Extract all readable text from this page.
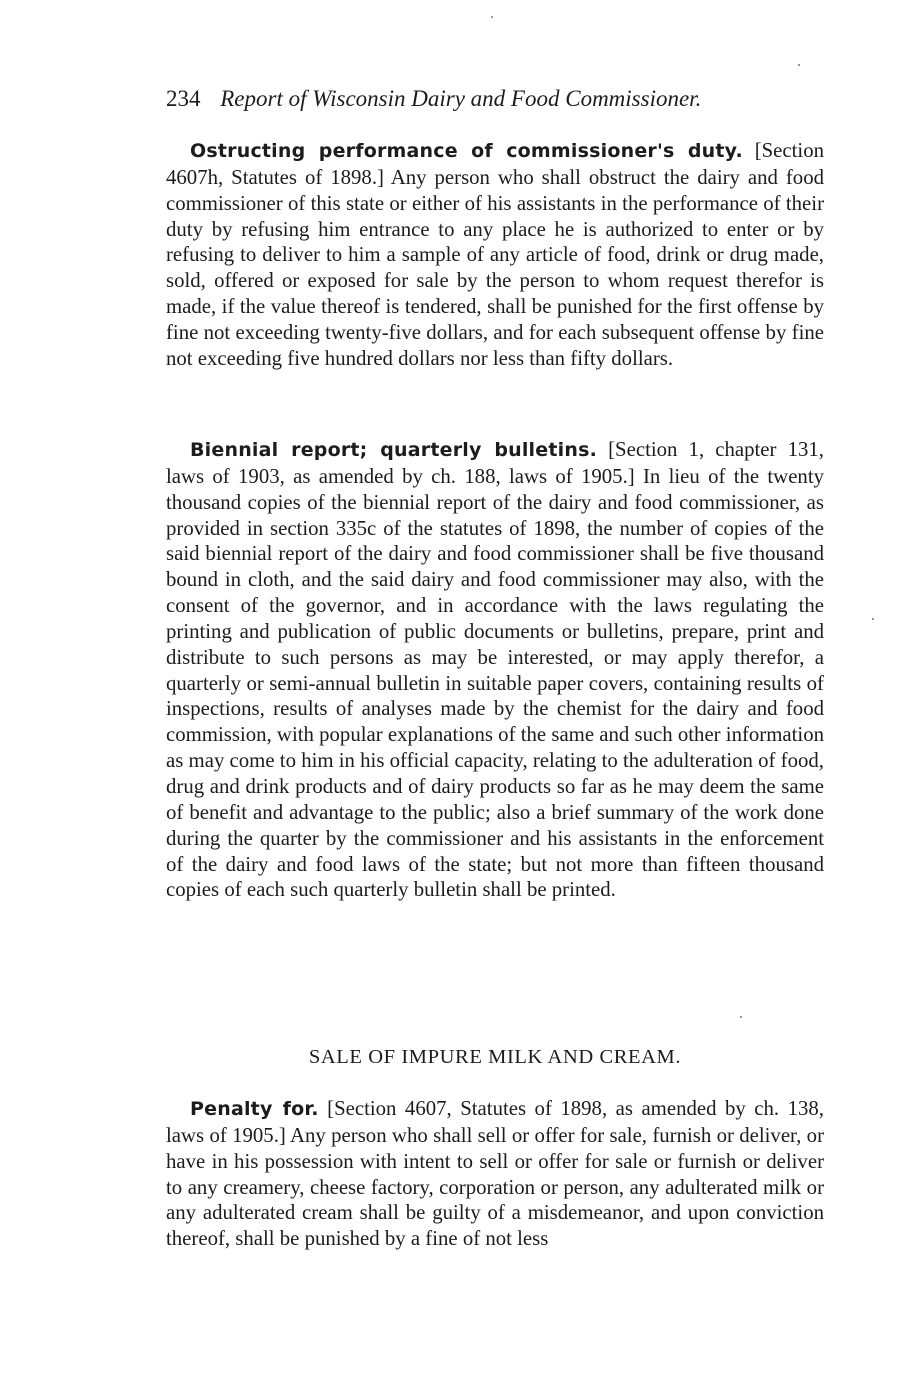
234 Report of Wisconsin Dairy and Food Commissioner.

Ostructing performance of commissioner's duty. [Section 4607h, Statutes of 1898.] Any person who shall obstruct the dairy and food commissioner of this state or either of his assistants in the performance of their duty by refusing him entrance to any place he is authorized to enter or by refusing to deliver to him a sample of any article of food, drink or drug made, sold, offered or exposed for sale by the person to whom request therefor is made, if the value thereof is tendered, shall be punished for the first offense by fine not exceeding twenty-five dollars, and for each subsequent offense by fine not exceeding five hundred dollars nor less than fifty dollars.

Biennial report; quarterly bulletins. [Section 1, chapter 131, laws of 1903, as amended by ch. 188, laws of 1905.] In lieu of the twenty thousand copies of the biennial report of the dairy and food commissioner, as provided in section 335c of the statutes of 1898, the number of copies of the said biennial report of the dairy and food commissioner shall be five thousand bound in cloth, and the said dairy and food commissioner may also, with the consent of the governor, and in accordance with the laws regulating the printing and publication of public documents or bulletins, prepare, print and distribute to such persons as may be interested, or may apply therefor, a quarterly or semi-annual bulletin in suitable paper covers, containing results of inspections, results of analyses made by the chemist for the dairy and food commission, with popular explanations of the same and such other information as may come to him in his official capacity, relating to the adulteration of food, drug and drink products and of dairy products so far as he may deem the same of benefit and advantage to the public; also a brief summary of the work done during the quarter by the commissioner and his assistants in the enforcement of the dairy and food laws of the state; but not more than fifteen thousand copies of each such quarterly bulletin shall be printed.

SALE OF IMPURE MILK AND CREAM.

Penalty for. [Section 4607, Statutes of 1898, as amended by ch. 138, laws of 1905.] Any person who shall sell or offer for sale, furnish or deliver, or have in his possession with intent to sell or offer for sale or furnish or deliver to any creamery, cheese factory, corporation or person, any adulterated milk or any adulterated cream shall be guilty of a misdemeanor, and upon conviction thereof, shall be punished by a fine of not less
